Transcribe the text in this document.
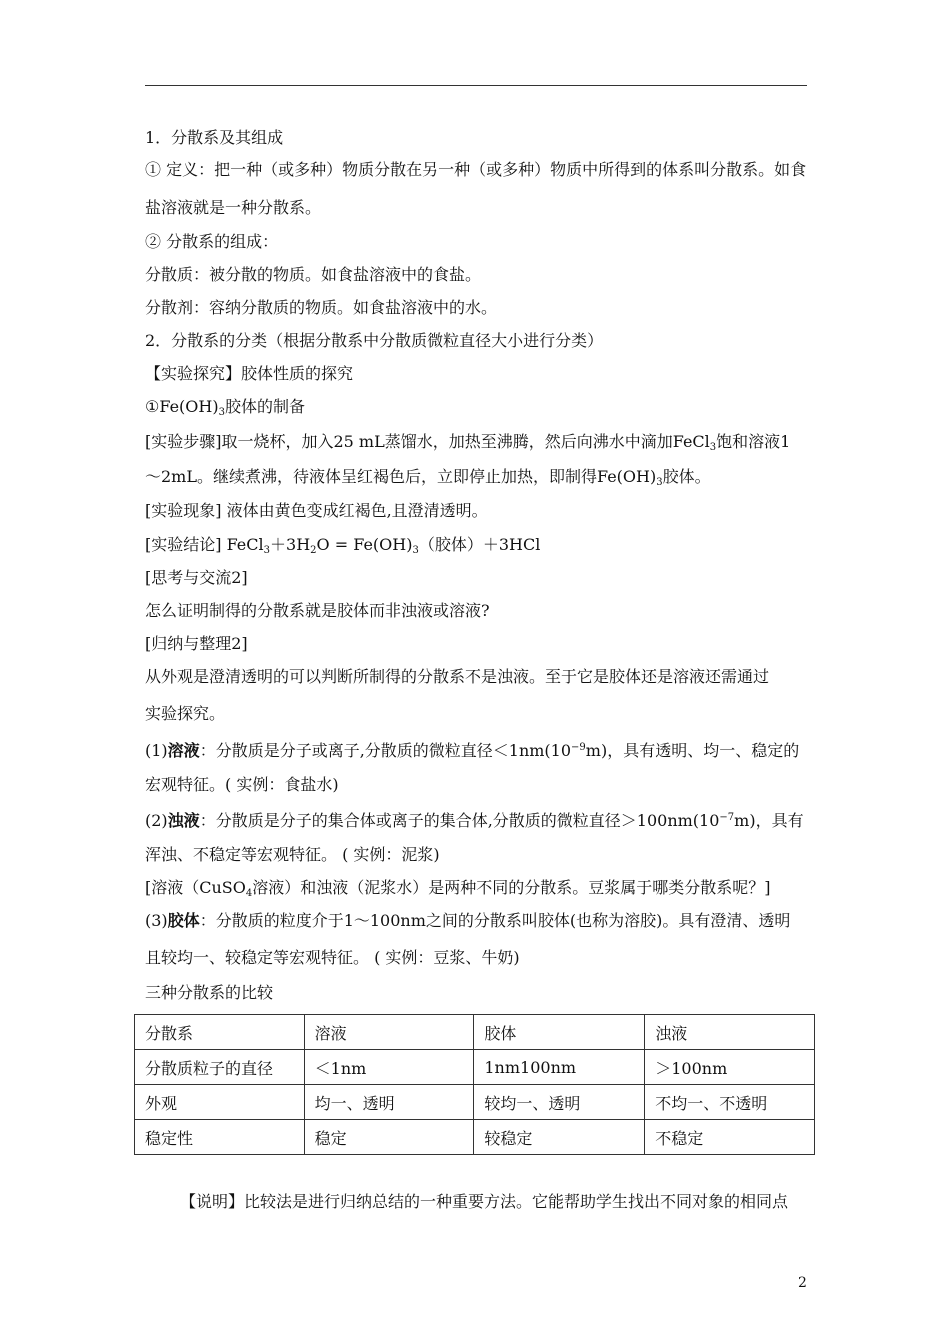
1．分散系及其组成
① 定义：把一种（或多种）物质分散在另一种（或多种）物质中所得到的体系叫分散系。如食
盐溶液就是一种分散系。
② 分散系的组成：
分散质：被分散的物质。如食盐溶液中的食盐。
分散剂：容纳分散质的物质。如食盐溶液中的水。
2．分散系的分类（根据分散系中分散质微粒直径大小进行分类）
【实验探究】胶体性质的探究
$①Fe(OH)_3$胶体的制备
[实验步骤]取一烧杯，加入25 mL蒸馏水，加热至沸腾，然后向沸水中滴加FeCl$_3$饱和溶液1
～2mL。继续煮沸，待液体呈红褐色后，立即停止加热，即制得$Fe(OH)_3$胶体。
[实验现象] 液体由黄色变成红褐色,且澄清透明。
[实验结论] $FeCl_3+3H_2O = Fe(OH)_3$（胶体）＋3HCl
[思考与交流2]
怎么证明制得的分散系就是胶体而非浊液或溶液?
[归纳与整理2]
从外观是澄清透明的可以判断所制得的分散系不是浊液。至于它是胶体还是溶液还需通过
实验探究。
(1)溶液：分散质是分子或离子,分散质的微粒直径$<1nm(10^{-9}m)$，具有透明、均一、稳定的
宏观特征。( 实例：食盐水)
(2)浊液：分散质是分子的集合体或离子的集合体,分散质的微粒直径$>100nm(10^{-7}m)$，具有
浑浊、不稳定等宏观特征。 ( 实例：泥浆)
[溶液（CuSO$_4$溶液）和浊液（泥浆水）是两种不同的分散系。豆浆属于哪类分散系呢？]
(3)胶体：分散质的粒度介于1～100nm之间的分散系叫胶体(也称为溶胶)。具有澄清、透明
且较均一、较稳定等宏观特征。 ( 实例：豆浆、牛奶)
三种分散系的比较
分散系	溶液	胶体	浊液
分散质粒子的直径	＜1nm	1nm100nm	＞100nm
外观	均一、透明	较均一、透明	不均一、不透明
稳定性	稳定	较稳定	不稳定
【说明】比较法是进行归纳总结的一种重要方法。它能帮助学生找出不同对象的相同点
2
